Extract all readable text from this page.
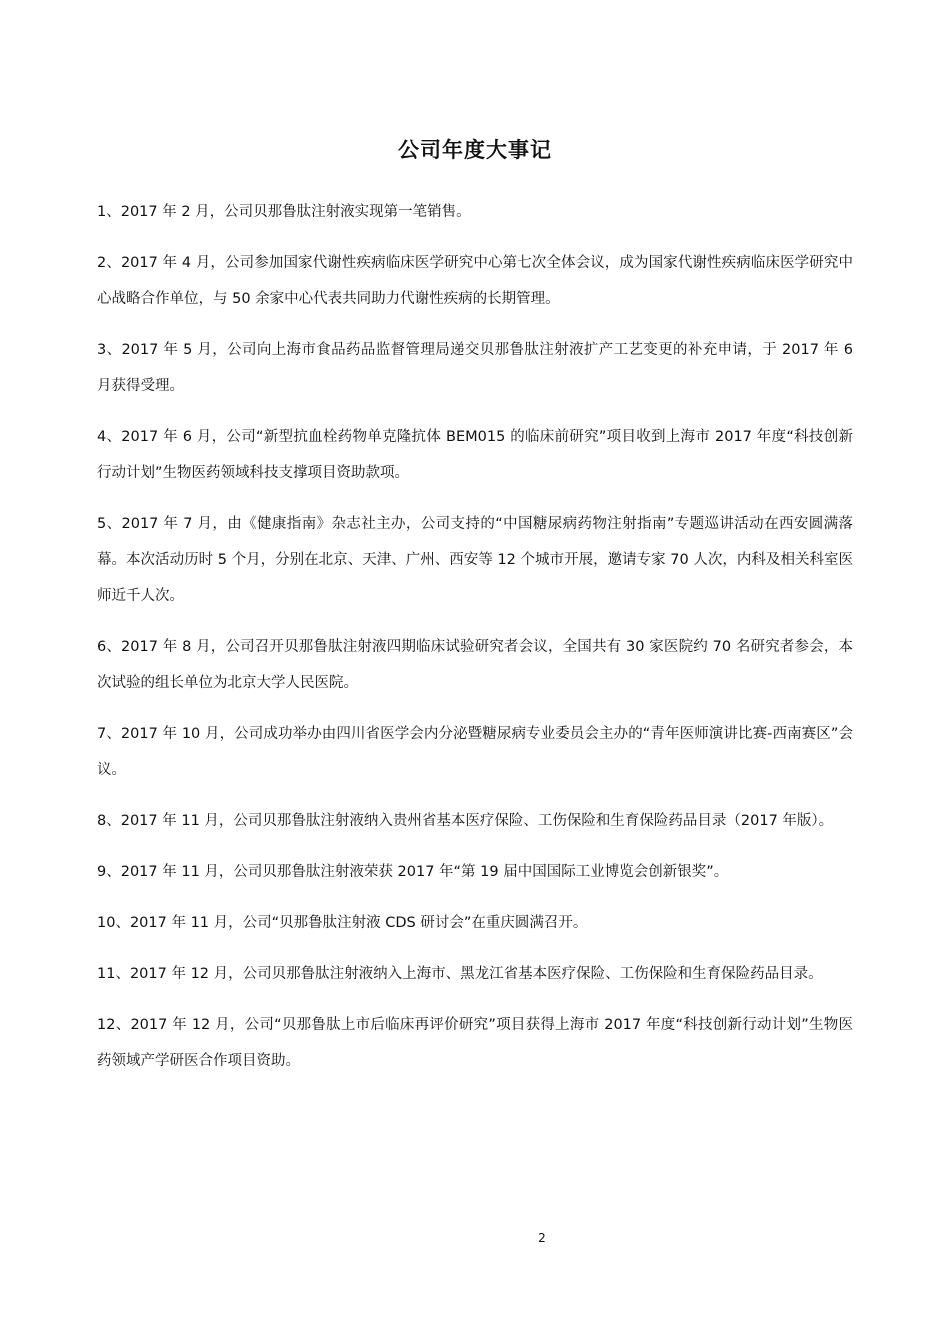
公司年度大事记

1、2017 年 2 月，公司贝那鲁肽注射液实现第一笔销售。

2、2017 年 4 月，公司参加国家代谢性疾病临床医学研究中心第七次全体会议，成为国家代谢性疾病临床医学研究中心战略合作单位，与 50 余家中心代表共同助力代谢性疾病的长期管理。

3、2017 年 5 月，公司向上海市食品药品监督管理局递交贝那鲁肽注射液扩产工艺变更的补充申请，于 2017 年 6 月获得受理。

4、2017 年 6 月，公司“新型抗血栓药物单克隆抗体 BEM015 的临床前研究”项目收到上海市 2017 年度“科技创新行动计划”生物医药领域科技支撑项目资助款项。

5、2017 年 7 月，由《健康指南》杂志社主办，公司支持的“中国糖尿病药物注射指南”专题巡讲活动在西安圆满落幕。本次活动历时 5 个月，分别在北京、天津、广州、西安等 12 个城市开展，邀请专家 70 人次，内科及相关科室医师近千人次。

6、2017 年 8 月，公司召开贝那鲁肽注射液四期临床试验研究者会议，全国共有 30 家医院约 70 名研究者参会，本次试验的组长单位为北京大学人民医院。

7、2017 年 10 月，公司成功举办由四川省医学会内分泌暨糖尿病专业委员会主办的“青年医师演讲比赛-西南赛区”会议。

8、2017 年 11 月，公司贝那鲁肽注射液纳入贵州省基本医疗保险、工伤保险和生育保险药品目录（2017 年版）。

9、2017 年 11 月，公司贝那鲁肽注射液荣获 2017 年“第 19 届中国国际工业博览会创新银奖”。

10、2017 年 11 月，公司“贝那鲁肽注射液 CDS 研讨会”在重庆圆满召开。

11、2017 年 12 月，公司贝那鲁肽注射液纳入上海市、黑龙江省基本医疗保险、工伤保险和生育保险药品目录。

12、2017 年 12 月，公司“贝那鲁肽上市后临床再评价研究”项目获得上海市 2017 年度“科技创新行动计划”生物医药领域产学研医合作项目资助。

2
